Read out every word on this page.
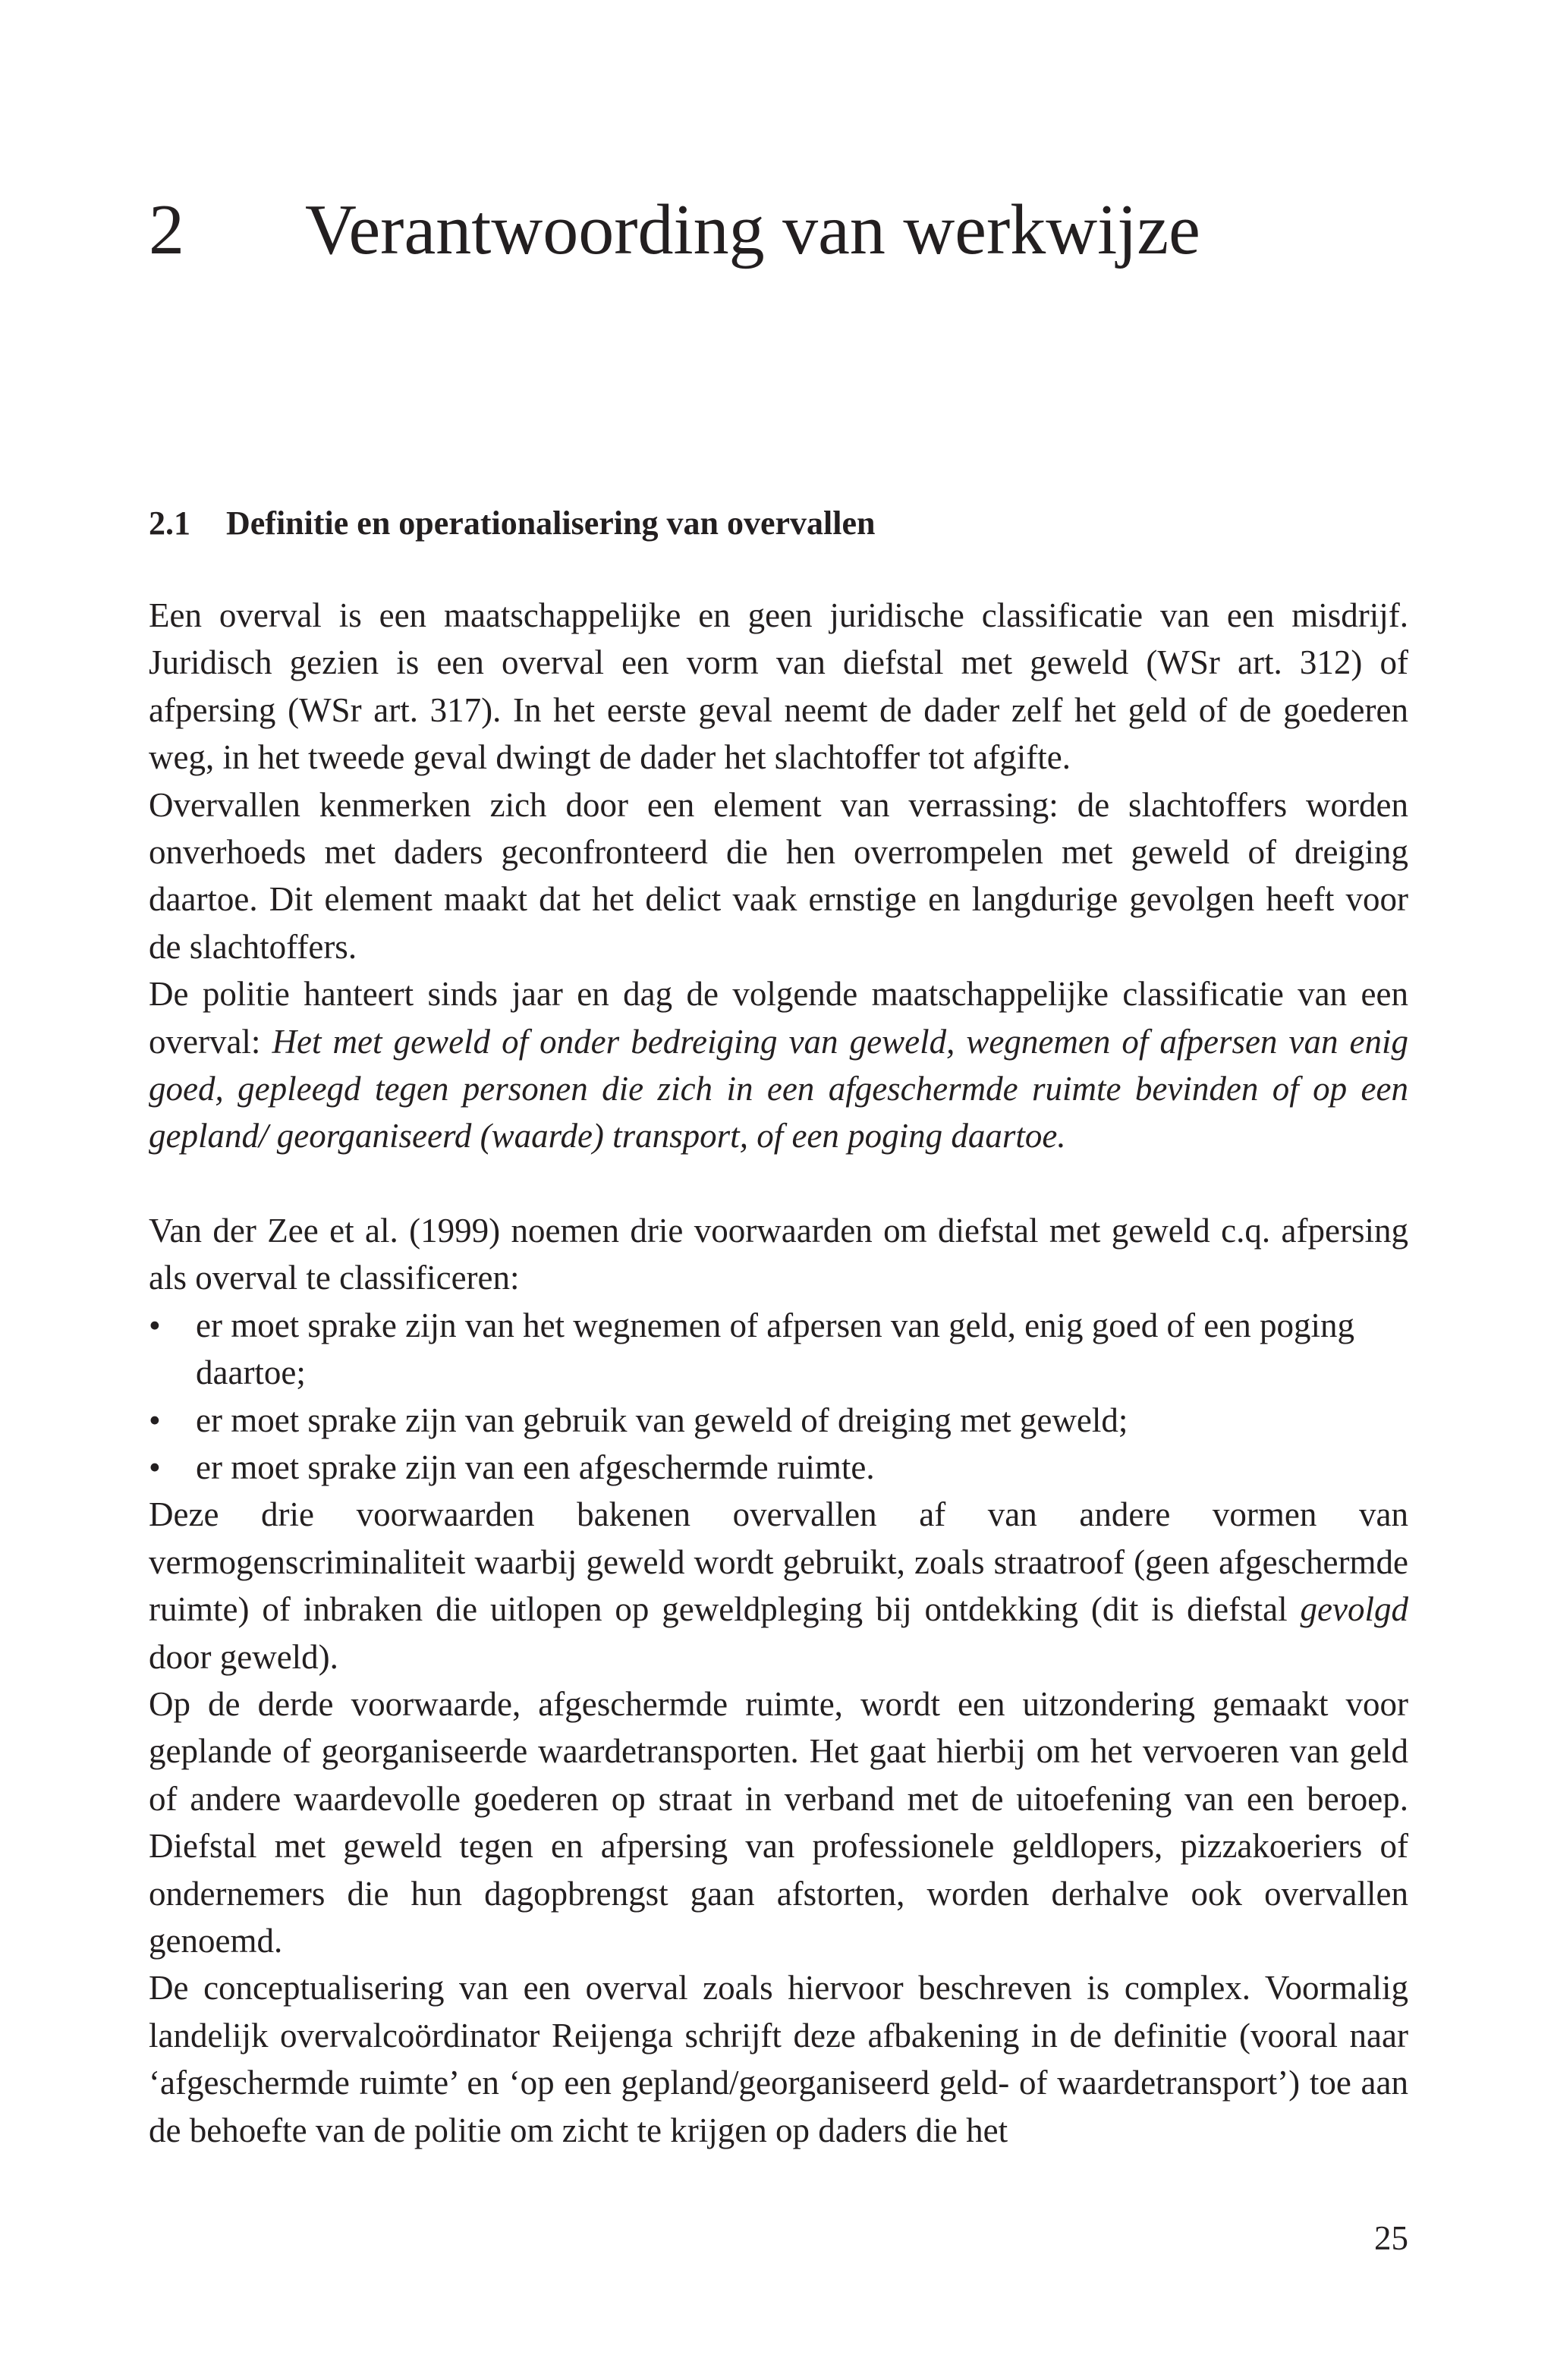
2 Verantwoording van werkwijze
2.1 Definitie en operationalisering van overvallen

Een overval is een maatschappelijke en geen juridische classificatie van een misdrijf. Juridisch gezien is een overval een vorm van diefstal met geweld (WSr art. 312) of afpersing (WSr art. 317). In het eerste geval neemt de dader zelf het geld of de goederen weg, in het tweede geval dwingt de dader het slachtoffer tot afgifte.

Overvallen kenmerken zich door een element van verrassing: de slachtoffers worden onverhoeds met daders geconfronteerd die hen overrompelen met geweld of dreiging daartoe. Dit element maakt dat het delict vaak ernstige en langdurige gevolgen heeft voor de slachtoffers.

De politie hanteert sinds jaar en dag de volgende maatschappelijke classificatie van een overval: Het met geweld of onder bedreiging van geweld, wegnemen of afpersen van enig goed, gepleegd tegen personen die zich in een afgeschermde ruimte bevinden of op een gepland/ georganiseerd (waarde) transport, of een poging daartoe.

Van der Zee et al. (1999) noemen drie voorwaarden om diefstal met geweld c.q. afpersing als overval te classificeren:

• er moet sprake zijn van het wegnemen of afpersen van geld, enig goed of een poging daartoe;
• er moet sprake zijn van gebruik van geweld of dreiging met geweld;
• er moet sprake zijn van een afgeschermde ruimte.

Deze drie voorwaarden bakenen overvallen af van andere vormen van vermogenscriminaliteit waarbij geweld wordt gebruikt, zoals straatroof (geen afgeschermde ruimte) of inbraken die uitlopen op geweldpleging bij ontdekking (dit is diefstal gevolgd door geweld).

Op de derde voorwaarde, afgeschermde ruimte, wordt een uitzondering gemaakt voor geplande of georganiseerde waardetransporten. Het gaat hierbij om het vervoeren van geld of andere waardevolle goederen op straat in verband met de uitoefening van een beroep. Diefstal met geweld tegen en afpersing van professionele geldlopers, pizzakoeriers of ondernemers die hun dagopbrengst gaan afstorten, worden derhalve ook overvallen genoemd.

De conceptualisering van een overval zoals hiervoor beschreven is complex. Voormalig landelijk overvalcoördinator Reijenga schrijft deze afbakening in de definitie (vooral naar ‘afgeschermde ruimte’ en ‘op een gepland/georganiseerd geld- of waardetransport’) toe aan de behoefte van de politie om zicht te krijgen op daders die het

25
